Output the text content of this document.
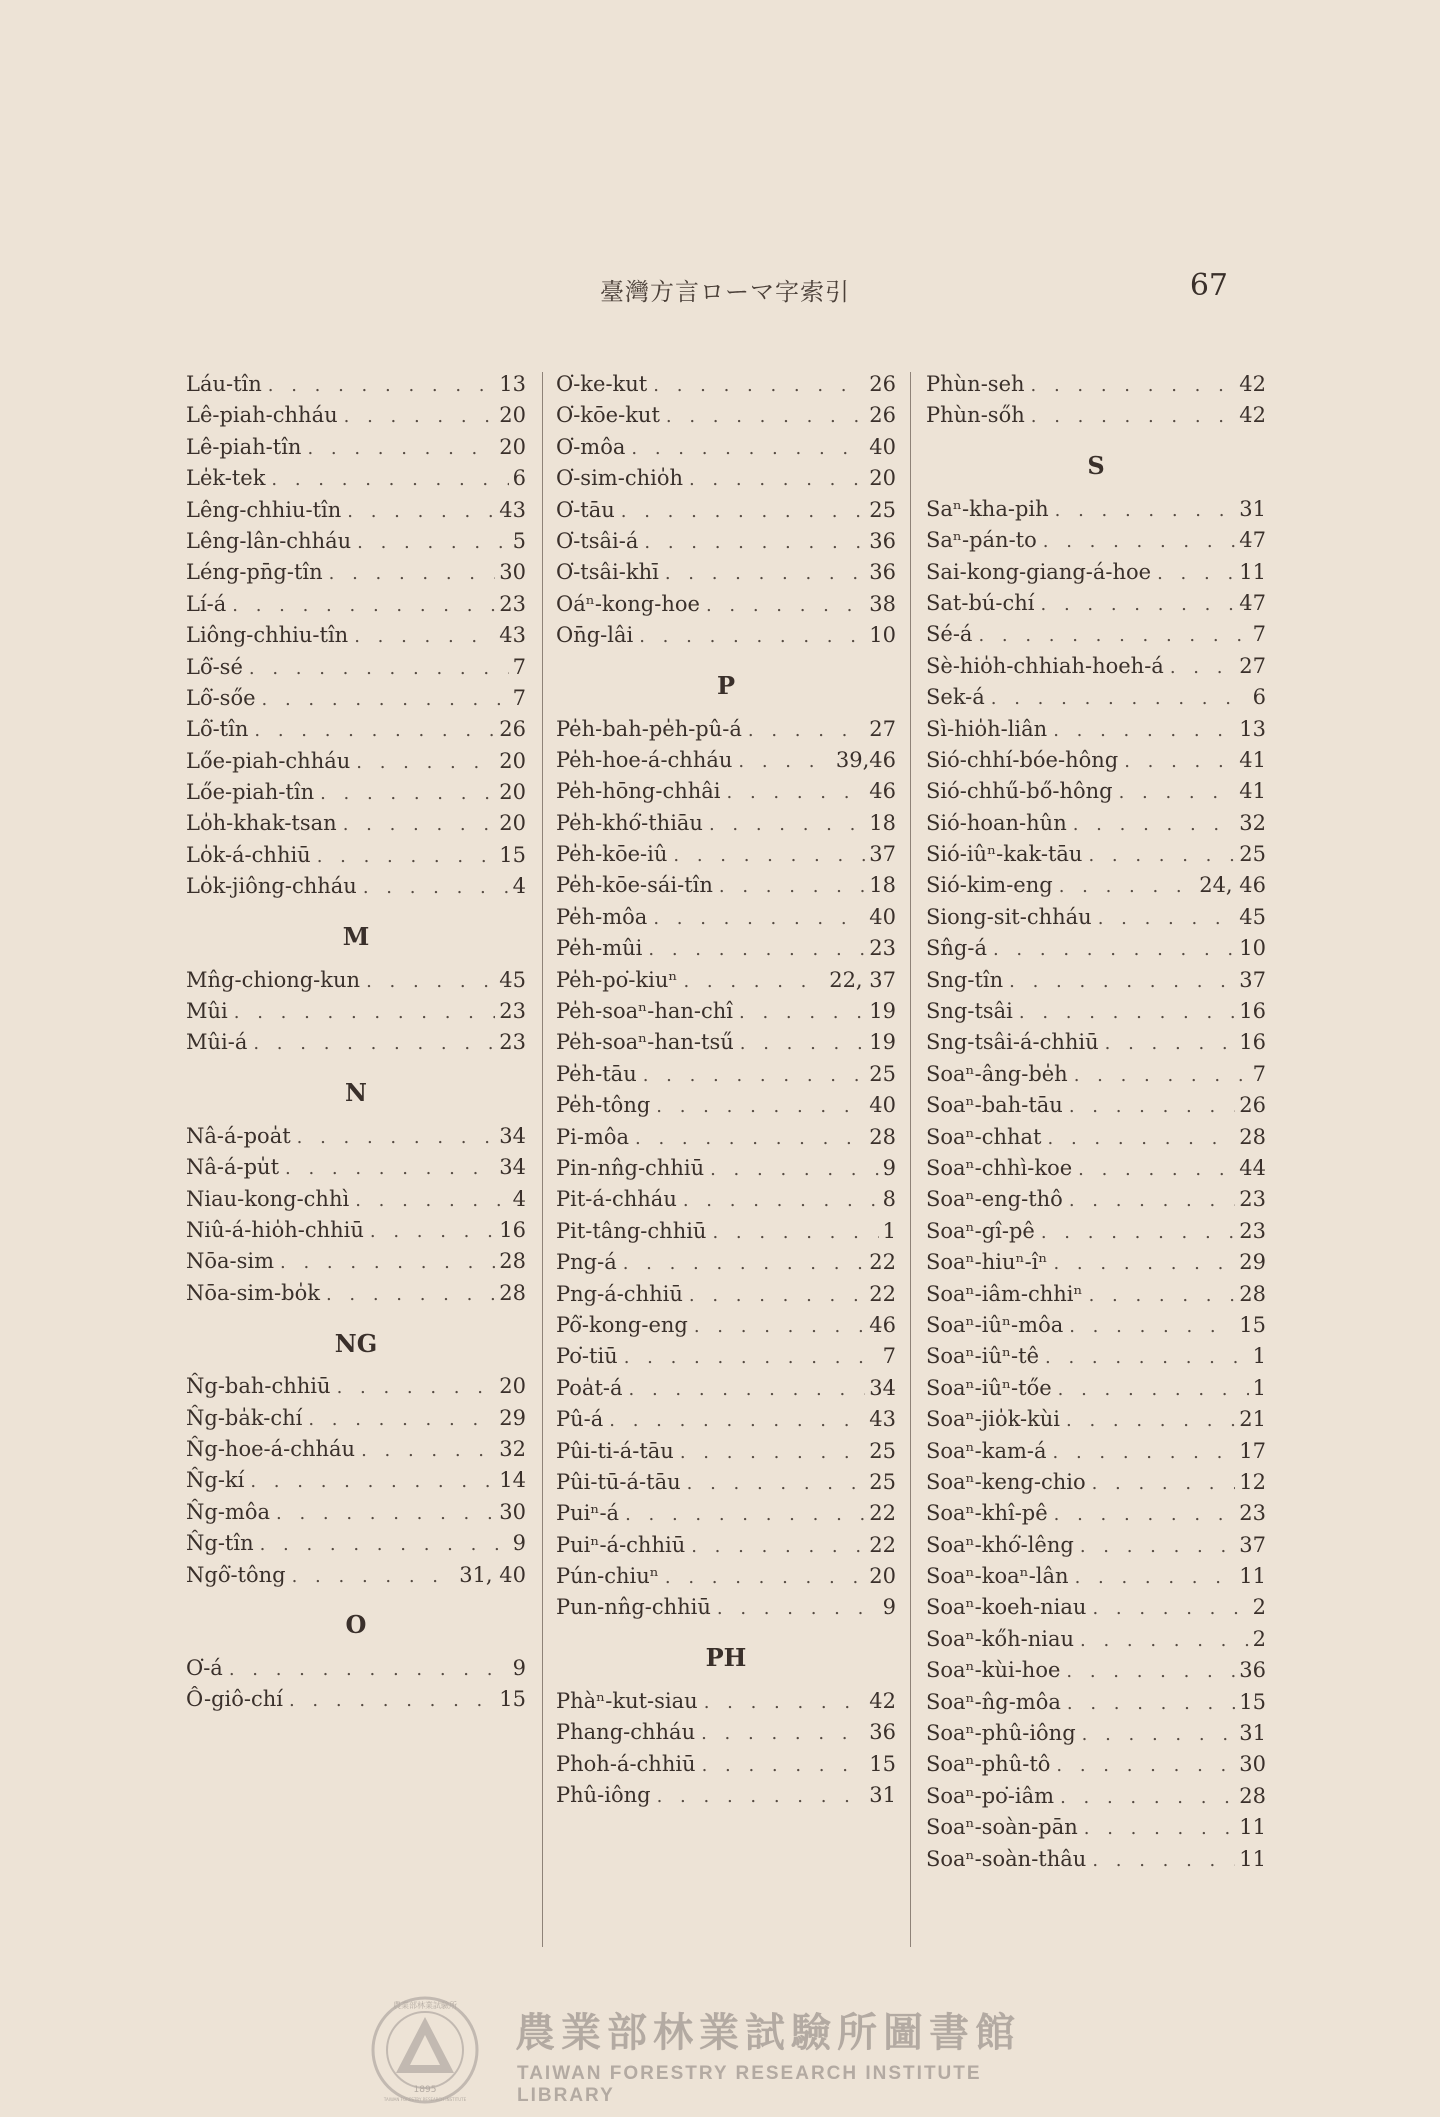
臺灣方言ローマ字索引	67
Láu-tîn . . .	13
Lê-piah-chháu . . .	20
Lê-piah-tîn . . .	20
Le̍k-tek . . .	6
Lêng-chhiu-tîn . . .	43
Lêng-lân-chháu . . .	5
Léng-pn̄g-tîn . . .	30
Lí-á . . .	23
Liông-chhiu-tîn . . .	43
Lô͘-sé . . .	7
Lô͘-sőe . . .	7
Lô͘-tîn . . .	26
Lőe-piah-chháu . . .	20
Lőe-piah-tîn . . .	20
Lo̍h-khak-tsan . . .	20
Lo̍k-á-chhiū . . .	15
Lo̍k-jiông-chháu . . .	4
M
Mn̂g-chiong-kun . . .	45
Mûi . . .	23
Mûi-á . . .	23
N
Nâ-á-poa̍t . . .	34
Nâ-á-pu̍t . . .	34
Niau-kong-chhì . . .	4
Niû-á-hio̍h-chhiū . . .	16
Nōa-sim . . .	28
Nōa-sim-bo̍k . . .	28
NG
N̂g-bah-chhiū . . .	20
N̂g-ba̍k-chí . . .	29
N̂g-hoe-á-chháu . . .	32
N̂g-kí . . .	14
N̂g-môa . . .	30
N̂g-tîn . . .	9
Ngô͘-tông . . .	31, 40
O
O͘-á . . .	9
Ô-giô-chí . . .	15
O͘-ke-kut . . .	26
O͘-kōe-kut . . .	26
O͘-môa . . .	40
O͘-sim-chio̍h . . .	20
O͘-tāu . . .	25
O͘-tsâi-á . . .	36
O͘-tsâi-khī . . .	36
Oáⁿ-kong-hoe . . .	38
On̄g-lâi . . .	10
P
Pe̍h-bah-pe̍h-pû-á . . .	27
Pe̍h-hoe-á-chháu . . .	39,46
Pe̍h-hōng-chhâi . . .	46
Pe̍h-khó͘-thiāu . . .	18
Pe̍h-kōe-iû . . .	37
Pe̍h-kōe-sái-tîn . . .	18
Pe̍h-môa . . .	40
Pe̍h-mûi . . .	23
Pe̍h-po͘-kiuⁿ . . .	22, 37
Pe̍h-soaⁿ-han-chî . . .	19
Pe̍h-soaⁿ-han-tsű . . .	19
Pe̍h-tāu . . .	25
Pe̍h-tông . . .	40
Pi-môa . . .	28
Pin-nn̂g-chhiū . . .	9
Pit-á-chháu . . .	8
Pit-tâng-chhiū . . .	1
Png-á . . .	22
Png-á-chhiū . . .	22
Pô͘-kong-eng . . .	46
Po͘-tiū . . .	7
Poa̍t-á . . .	34
Pû-á . . .	43
Pûi-ti-á-tāu . . .	25
Pûi-tū-á-tāu . . .	25
Puiⁿ-á . . .	22
Puiⁿ-á-chhiū . . .	22
Pún-chiuⁿ . . .	20
Pun-nn̂g-chhiū . . .	9
PH
Phàⁿ-kut-siau . . .	42
Phang-chháu . . .	36
Phoh-á-chhiū . . .	15
Phû-iông . . .	31
Phùn-seh . . .	42
Phùn-sőh . . .	42
S
Saⁿ-kha-pih . . .	31
Saⁿ-pán-to . . .	47
Sai-kong-giang-á-hoe . . .	11
Sat-bú-chí . . .	47
Sé-á . . .	7
Sè-hio̍h-chhiah-hoeh-á . . .	27
Sek-á . . .	6
Sì-hio̍h-liân . . .	13
Sió-chhí-bóe-hông . . .	41
Sió-chhű-bő-hông . . .	41
Sió-hoan-hûn . . .	32
Sió-iûⁿ-kak-tāu . . .	25
Sió-kim-eng . . .	24, 46
Siong-sit-chháu . . .	45
Sn̂g-á . . .	10
Sng-tîn . . .	37
Sng-tsâi . . .	16
Sng-tsâi-á-chhiū . . .	16
Soaⁿ-âng-be̍h . . .	7
Soaⁿ-bah-tāu . . .	26
Soaⁿ-chhat . . .	28
Soaⁿ-chhì-koe . . .	44
Soaⁿ-eng-thô . . .	23
Soaⁿ-gî-pê . . .	23
Soaⁿ-hiuⁿ-îⁿ . . .	29
Soaⁿ-iâm-chhiⁿ . . .	28
Soaⁿ-iûⁿ-môa . . .	15
Soaⁿ-iûⁿ-tê . . .	1
Soaⁿ-iûⁿ-tőe . . .	1
Soaⁿ-jio̍k-kùi . . .	21
Soaⁿ-kam-á . . .	17
Soaⁿ-keng-chio . . .	12
Soaⁿ-khî-pê . . .	23
Soaⁿ-khó͘-lêng . . .	37
Soaⁿ-koaⁿ-lân . . .	11
Soaⁿ-koeh-niau . . .	2
Soaⁿ-kőh-niau . . .	2
Soaⁿ-kùi-hoe . . .	36
Soaⁿ-n̂g-môa . . .	15
Soaⁿ-phû-iông . . .	31
Soaⁿ-phû-tô . . .	30
Soaⁿ-po͘-iâm . . .	28
Soaⁿ-soàn-pān . . .	11
Soaⁿ-soàn-thâu . . .	11
1895
農業部林業試驗所
TAIWAN FORESTRY RESEARCH INSTITUTE
農業部林業試驗所圖書館
TAIWAN FORESTRY RESEARCH INSTITUTE LIBRARY
